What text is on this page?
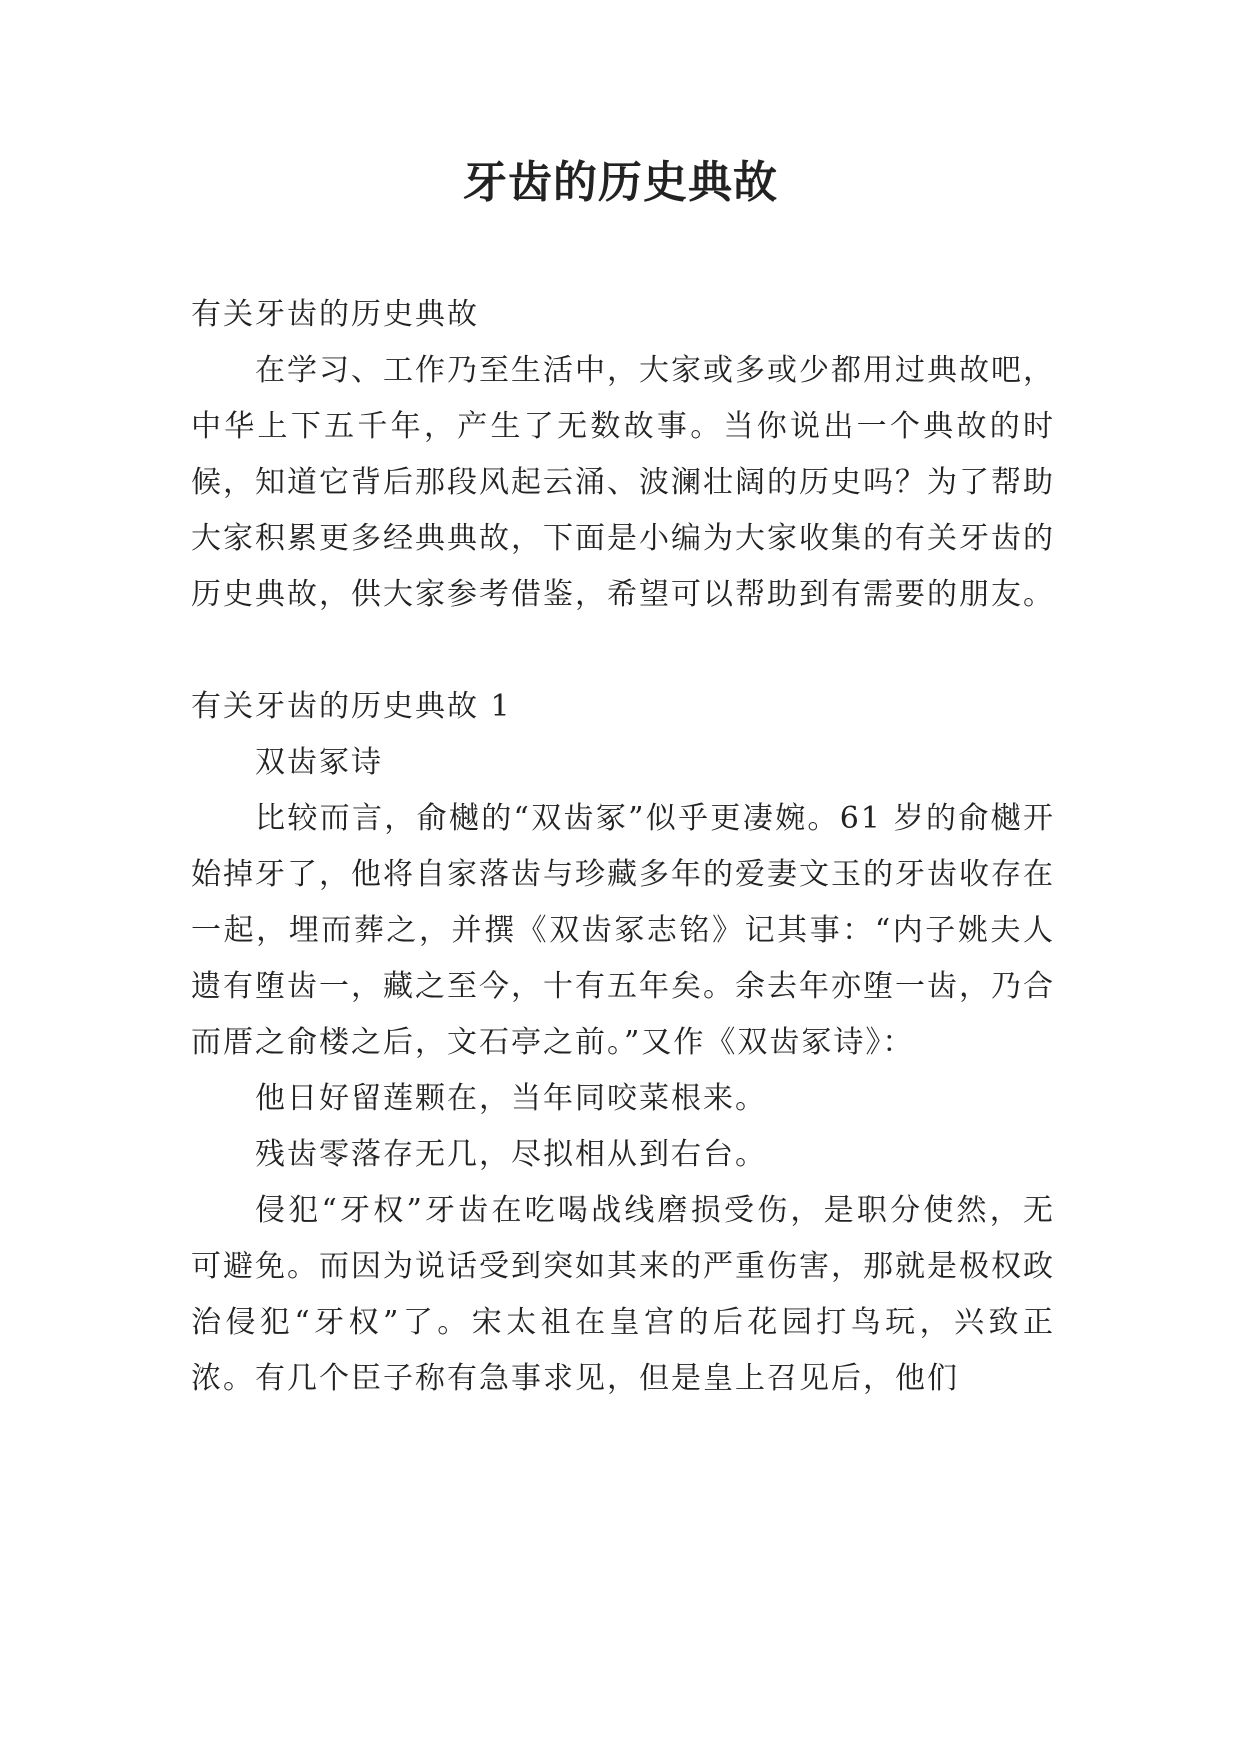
牙齿的历史典故

有关牙齿的历史典故

在学习、工作乃至生活中，大家或多或少都用过典故吧，中华上下五千年，产生了无数故事。当你说出一个典故的时候，知道它背后那段风起云涌、波澜壮阔的历史吗？为了帮助大家积累更多经典典故，下面是小编为大家收集的有关牙齿的历史典故，供大家参考借鉴，希望可以帮助到有需要的朋友。

有关牙齿的历史典故 1

双齿冢诗

比较而言，俞樾的“双齿冢”似乎更凄婉。61 岁的俞樾开始掉牙了，他将自家落齿与珍藏多年的爱妻文玉的牙齿收存在一起，埋而葬之，并撰《双齿冢志铭》记其事：“内子姚夫人遗有堕齿一，藏之至今，十有五年矣。余去年亦堕一齿，乃合而厝之俞楼之后，文石亭之前。”又作《双齿冢诗》：

他日好留莲颗在，当年同咬菜根来。

残齿零落存无几，尽拟相从到右台。

侵犯“牙权”牙齿在吃喝战线磨损受伤，是职分使然，无可避免。而因为说话受到突如其来的严重伤害，那就是极权政治侵犯“牙权”了。宋太祖在皇宫的后花园打鸟玩，兴致正浓。有几个臣子称有急事求见，但是皇上召见后，他们
